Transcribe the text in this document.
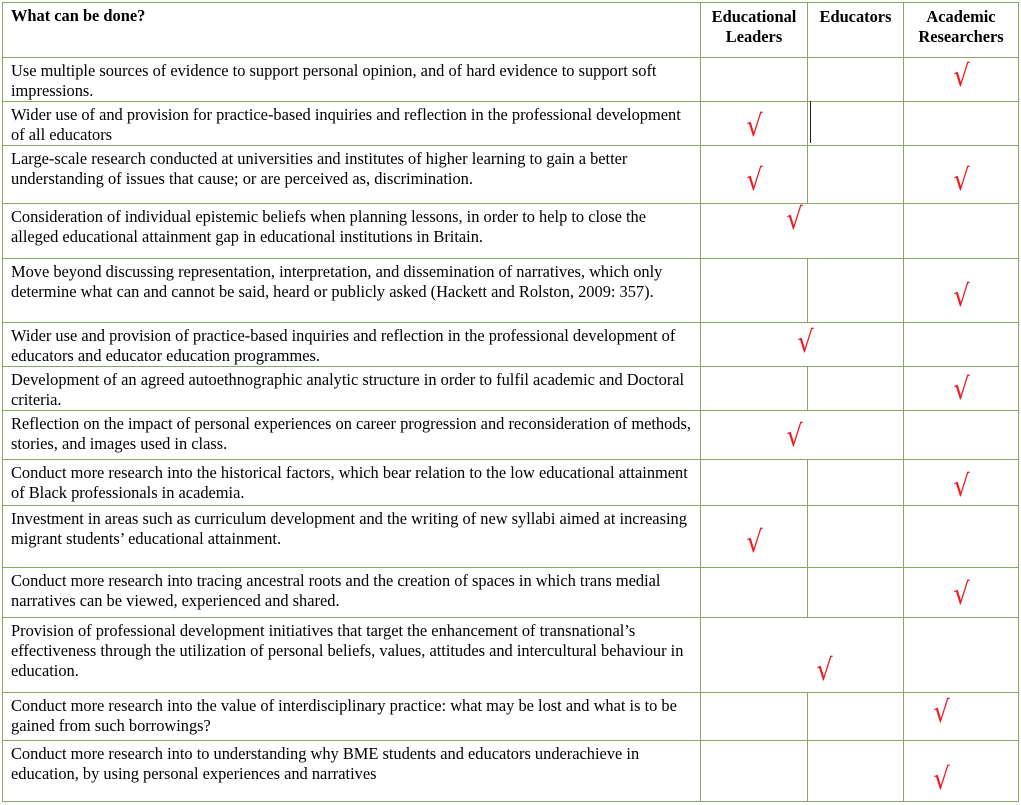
What can be done?	Educational Leaders	Educators	Academic Researchers
Use multiple sources of evidence to support personal opinion, and of hard evidence to support soft impressions.			√

Wider use of and provision for practice-based inquiries and reflection in the professional development of all educators	√		

Large-scale research conducted at universities and institutes of higher learning to gain a better understanding of issues that cause; or are perceived as, discrimination.	√		√

Consideration of individual epistemic beliefs when planning lessons, in order to help to close the alleged educational attainment gap in educational institutions in Britain.	√		

Move beyond discussing representation, interpretation, and dissemination of narratives, which only determine what can and cannot be said, heard or publicly asked (Hackett and Rolston, 2009: 357).			√

Wider use and provision of practice-based inquiries and reflection in the professional development of educators and educator education programmes.	√		

Development of an agreed autoethnographic analytic structure in order to fulfil academic and Doctoral criteria.			√

Reflection on the impact of personal experiences on career progression and reconsideration of methods, stories, and images used in class.	√		

Conduct more research into the historical factors, which bear relation to the low educational attainment of Black professionals in academia.			√

Investment in areas such as curriculum development and the writing of new syllabi aimed at increasing migrant students’ educational attainment.	√		

Conduct more research into tracing ancestral roots and the creation of spaces in which trans medial narratives can be viewed, experienced and shared.			√

Provision of professional development initiatives that target the enhancement of transnational’s effectiveness through the utilization of personal beliefs, values, attitudes and intercultural behaviour in education.	√		

Conduct more research into the value of interdisciplinary practice: what may be lost and what is to be gained from such borrowings?			√

Conduct more research into to understanding why BME students and educators underachieve in education, by using personal experiences and narratives			√
